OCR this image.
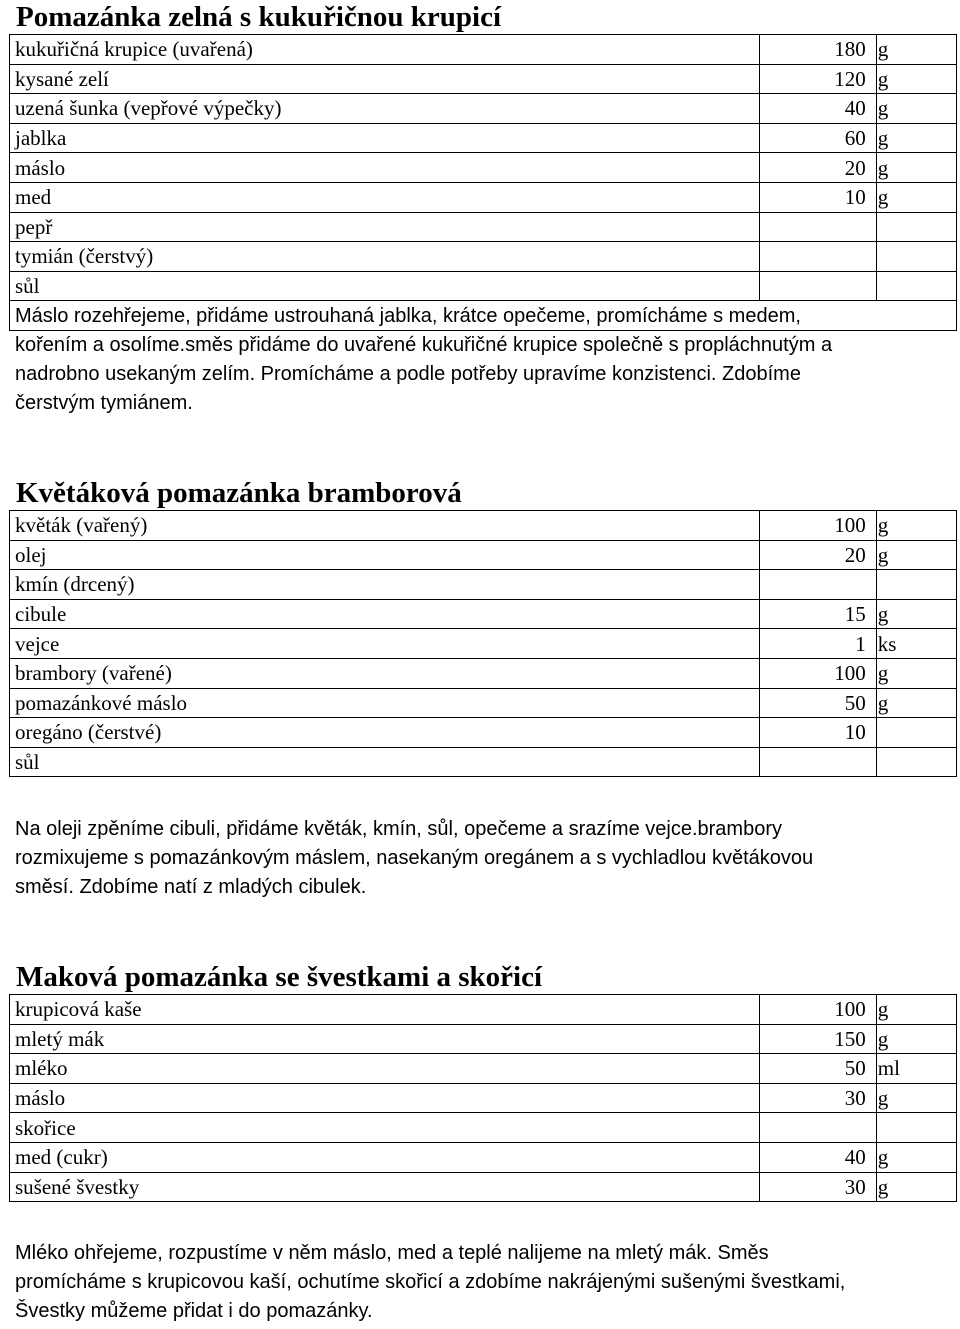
Pomazánka zelná s kukuřičnou krupicí
kukuřičná krupice (uvařená)	180	g
kysané zelí	120	g
uzená šunka (vepřové výpečky)	40	g
jablka	60	g
máslo	20	g
med	10	g
pepř		
tymián (čerstvý)		
sůl		
Máslo rozehřejeme, přidáme ustrouhaná jablka, krátce opečeme, promícháme s medem,		

kořením a osolíme.směs přidáme do uvařené kukuřičné krupice společně s propláchnutým a

nadrobno usekaným zelím. Promícháme a podle potřeby upravíme konzistenci. Zdobíme

čerstvým tymiánem.

Květáková pomazánka bramborová
květák (vařený)	100	g
olej	20	g
kmín (drcený)		
cibule	15	g
vejce	1	ks
brambory (vařené)	100	g
pomazánkové máslo	50	g
oregáno (čerstvé)	10	
sůl		

Na oleji zpěníme cibuli, přidáme květák, kmín, sůl, opečeme a srazíme vejce.brambory

rozmixujeme s pomazánkovým máslem, nasekaným oregánem a s vychladlou květákovou

směsí. Zdobíme natí z mladých cibulek.

Maková pomazánka se švestkami a skořicí
krupicová kaše	100	g
mletý mák	150	g
mléko	50	ml
máslo	30	g
skořice		
med (cukr)	40	g
sušené švestky	30	g

Mléko ohřejeme, rozpustíme v něm máslo, med a teplé nalijeme na mletý mák. Směs

promícháme s krupicovou kaší, ochutíme skořicí a zdobíme nakrájenými sušenými švestkami,

Švestky můžeme přidat i do pomazánky.
